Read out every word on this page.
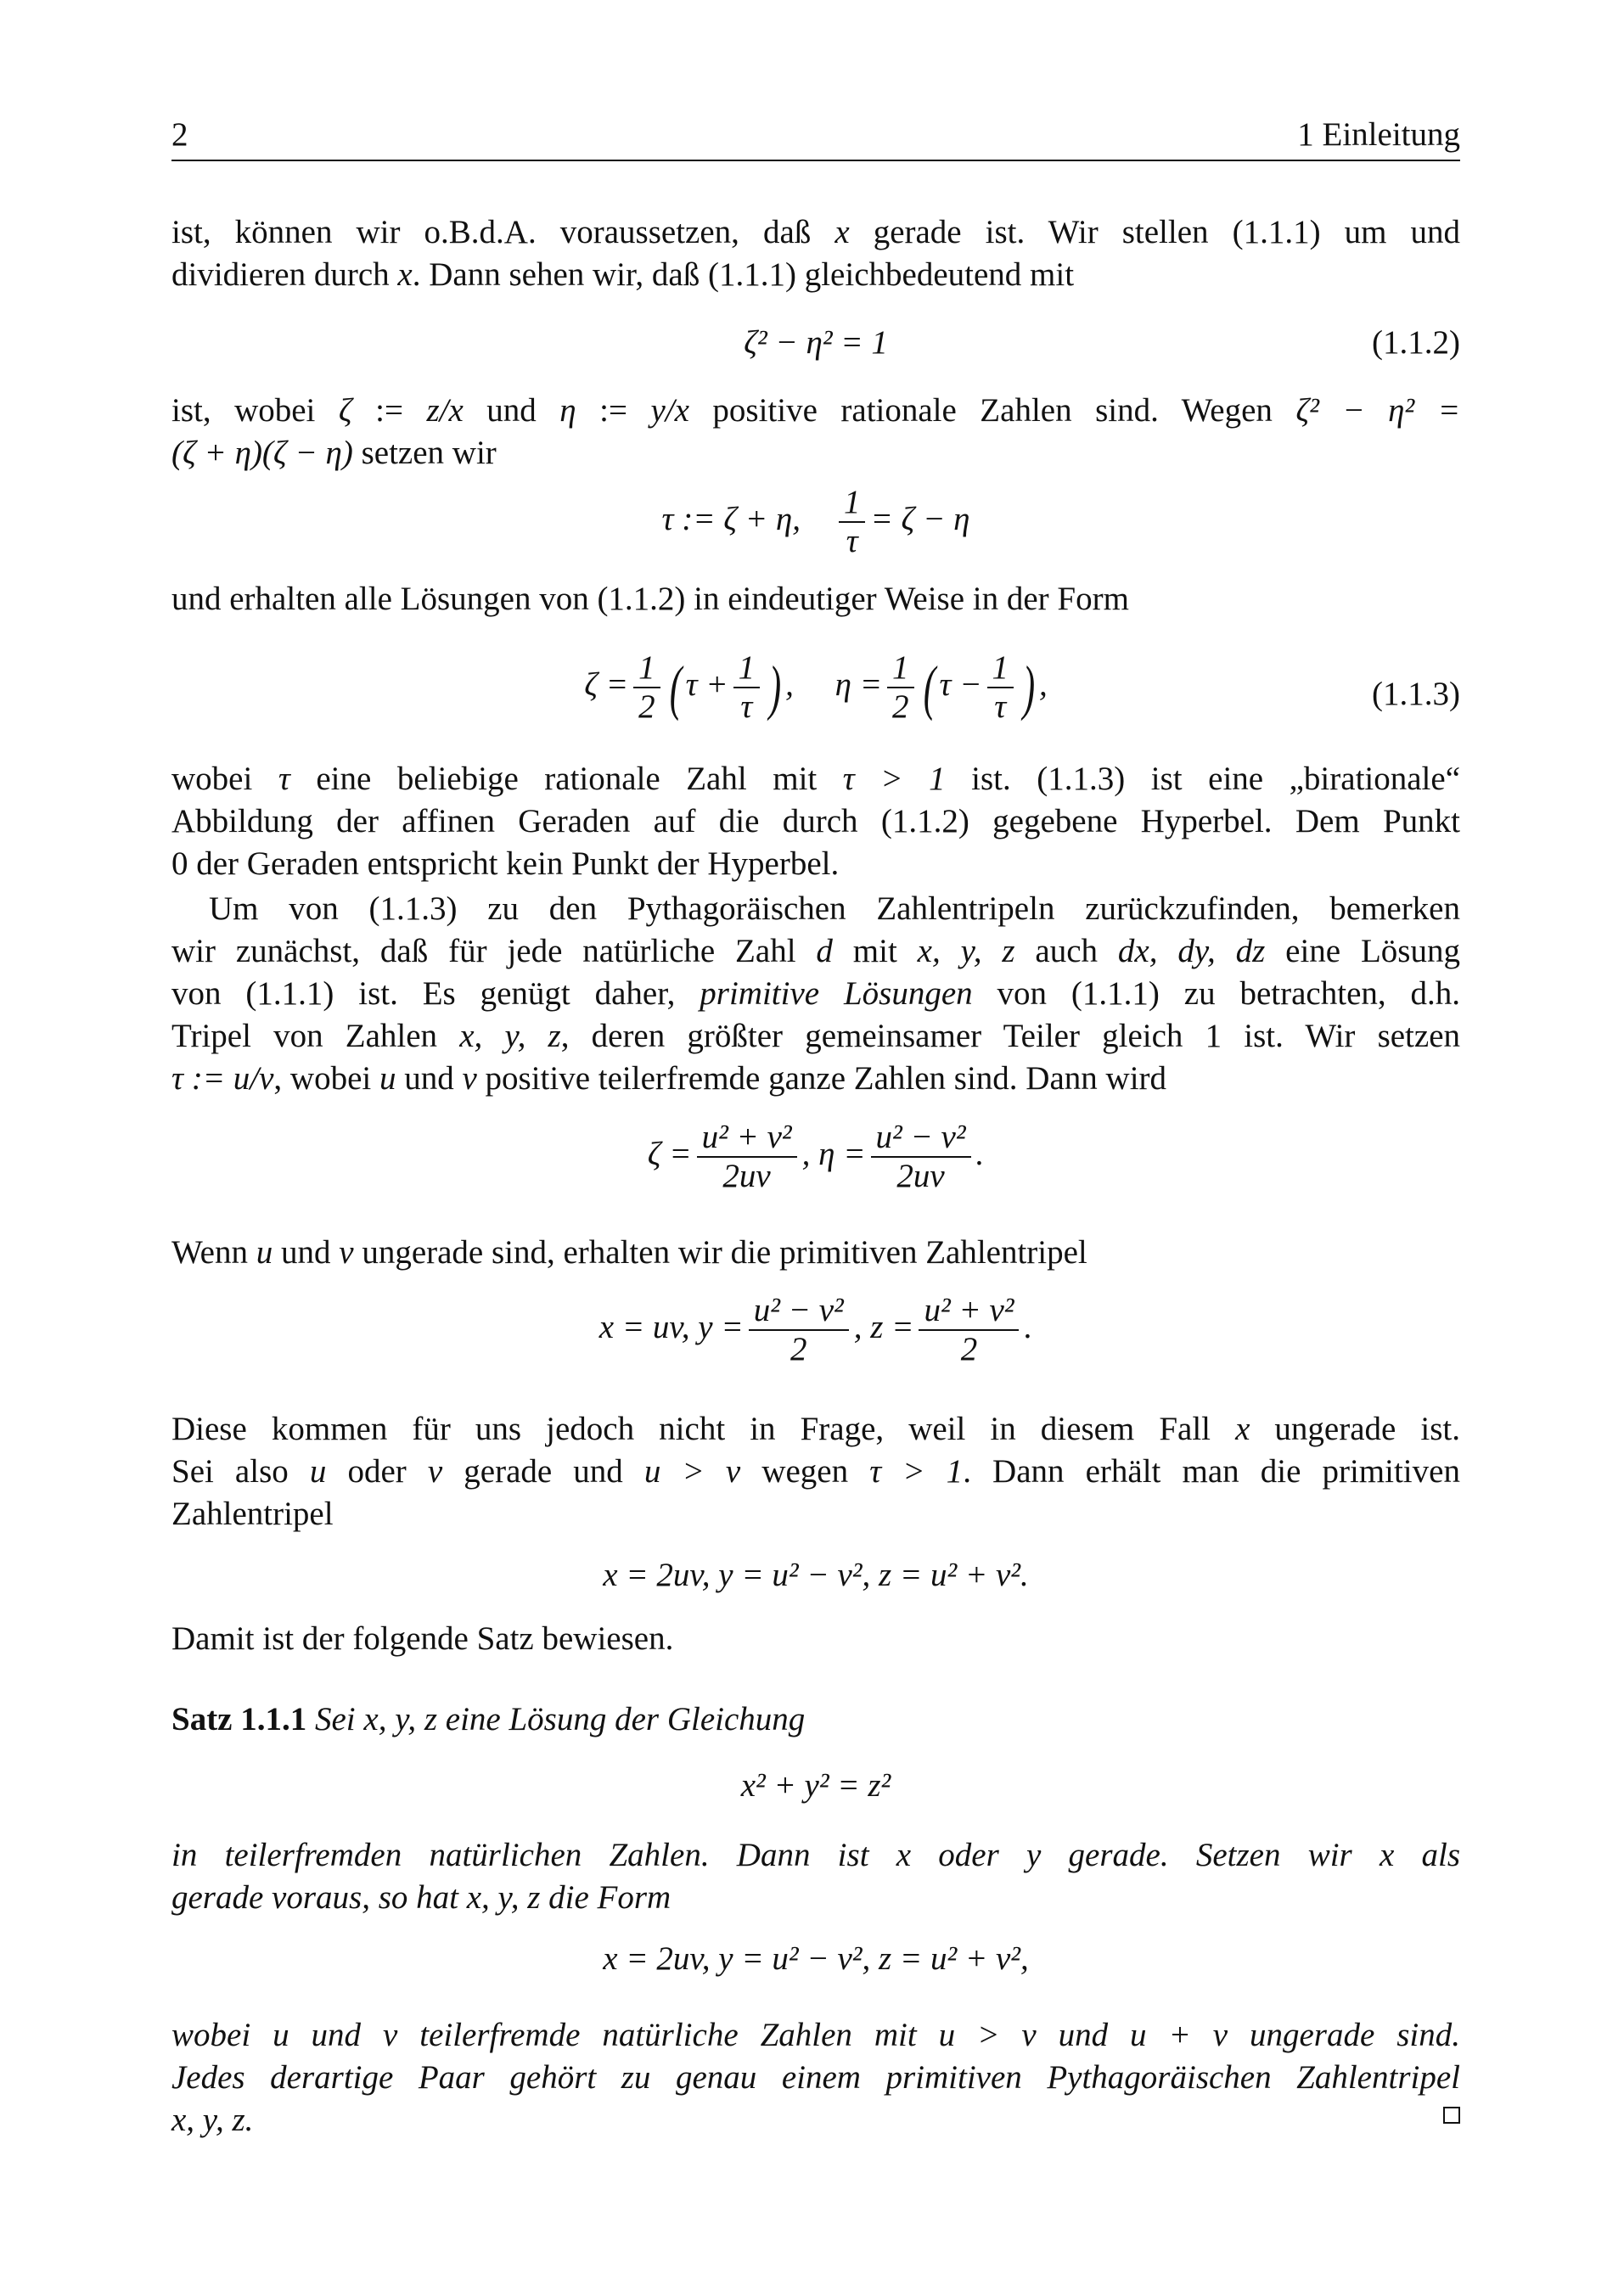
2	1 Einleitung
ist, können wir o.B.d.A. voraussetzen, daß x gerade ist. Wir stellen (1.1.1) um und
dividieren durch x. Dann sehen wir, daß (1.1.1) gleichbedeutend mit
ζ² − η² = 1	(1.1.2)
ist, wobei ζ := z/x und η := y/x positive rationale Zahlen sind. Wegen ζ² − η² =
(ζ + η)(ζ − η) setzen wir
τ := ζ + η, $\frac{1}{\tau} = \zeta - \eta$
und erhalten alle Lösungen von (1.1.2) in eindeutiger Weise in der Form
$\zeta = \frac{1}{2}$ ( $\tau + \frac{1}{\tau}$ ) , $\eta = \frac{1}{2}$ ( $\tau - \frac{1}{\tau}$ ) ,	(1.1.3)
wobei τ eine beliebige rationale Zahl mit τ > 1 ist. (1.1.3) ist eine „birationale“
Abbildung der affinen Geraden auf die durch (1.1.2) gegebene Hyperbel. Dem Punkt
0 der Geraden entspricht kein Punkt der Hyperbel.
Um von (1.1.3) zu den Pythagoräischen Zahlentripeln zurückzufinden, bemerken
wir zunächst, daß für jede natürliche Zahl d mit x, y, z auch dx, dy, dz eine Lösung
von (1.1.1) ist. Es genügt daher, primitive Lösungen von (1.1.1) zu betrachten, d.h.
Tripel von Zahlen x, y, z, deren größter gemeinsamer Teiler gleich 1 ist. Wir setzen
τ := u/v, wobei u und v positive teilerfremde ganze Zahlen sind. Dann wird
$\zeta = \frac{\text{u² + v²}}{2uv}$ , $\eta = \frac{\text{u² − v²}}{2uv}$ .
Wenn u und v ungerade sind, erhalten wir die primitiven Zahlentripel
x = uv, $y = \frac{\text{u² − v²}}{2}$ , $z = \frac{\text{u² + v²}}{2}$ .
Diese kommen für uns jedoch nicht in Frage, weil in diesem Fall x ungerade ist.
Sei also u oder v gerade und u > v wegen τ > 1. Dann erhält man die primitiven
Zahlentripel
x = 2uv, y = u² − v², z = u² + v².
Damit ist der folgende Satz bewiesen.
Satz 1.1.1 Sei x, y, z eine Lösung der Gleichung
x² + y² = z²
in teilerfremden natürlichen Zahlen. Dann ist x oder y gerade. Setzen wir x als
gerade voraus, so hat x, y, z die Form
x = 2uv, y = u² − v², z = u² + v²,
wobei u und v teilerfremde natürliche Zahlen mit u > v und u + v ungerade sind.
Jedes derartige Paar gehört zu genau einem primitiven Pythagoräischen Zahlentripel
x, y, z.
